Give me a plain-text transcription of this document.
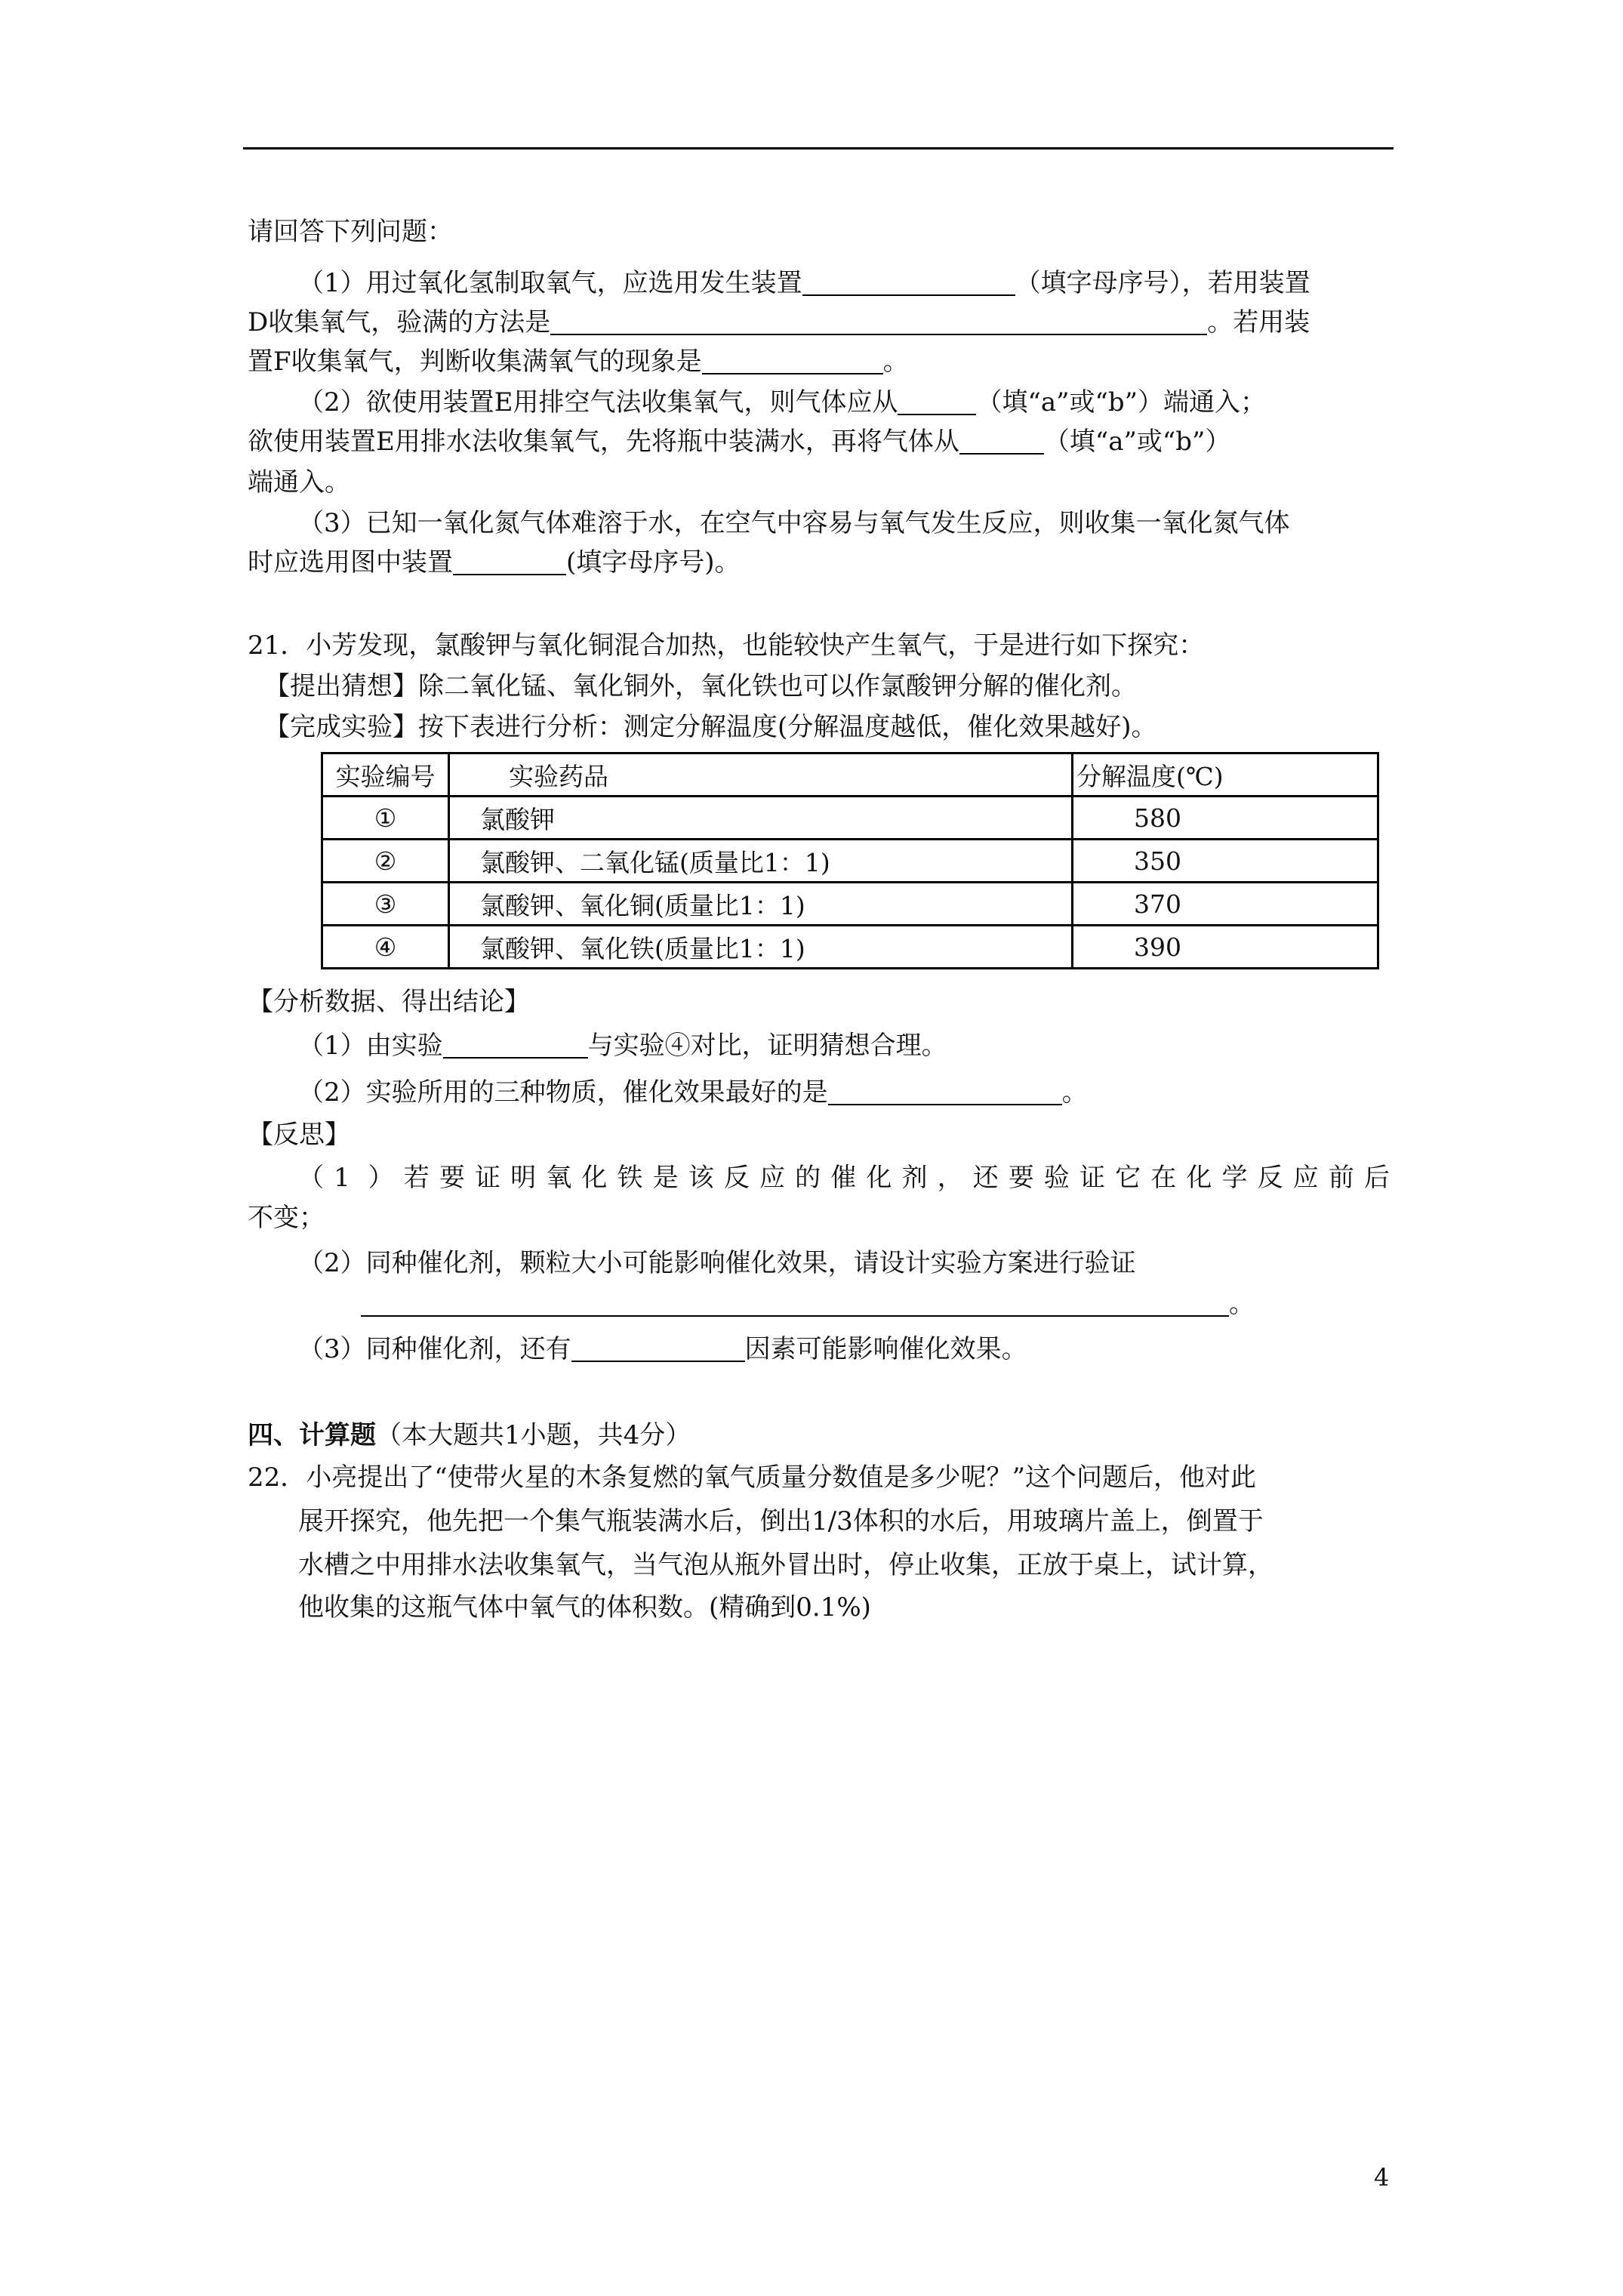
请回答下列问题：
（1）用过氧化氢制取氧气，应选用发生装置	（填字母序号），若用装置
D收集氧气，验满的方法是	。若用装
置F收集氧气，判断收集满氧气的现象是	。
（2）欲使用装置E用排空气法收集氧气，则气体应从	（填“a”或“b”）端通入；
欲使用装置E用排水法收集氧气，先将瓶中装满水，再将气体从	（填“a”或“b”）
端通入。
（3）已知一氧化氮气体难溶于水，在空气中容易与氧气发生反应，则收集一氧化氮气体
时应选用图中装置	(填字母序号)。
21．小芳发现，氯酸钾与氧化铜混合加热，也能较快产生氧气，于是进行如下探究：
【提出猜想】除二氧化锰、氧化铜外，氧化铁也可以作氯酸钾分解的催化剂。
【完成实验】按下表进行分析：测定分解温度(分解温度越低，催化效果越好)。
实验编号	实验药品	分解温度(℃)
①	氯酸钾	580
②	氯酸钾、二氧化锰(质量比1：1)	350
③	氯酸钾、氧化铜(质量比1：1)	370
④	氯酸钾、氧化铁(质量比1：1)	390
【分析数据、得出结论】
（1）由实验	与实验④对比，证明猜想合理。
（2）实验所用的三种物质，催化效果最好的是	。
【反思】
（1 ）若要证明氧化铁是该反应的催化剂，还要验证它在化学反应前后
不变；
（2）同种催化剂，颗粒大小可能影响催化效果，请设计实验方案进行验证
。
（3）同种催化剂，还有	因素可能影响催化效果。
四、计算题（本大题共1小题，共4分）
22．小亮提出了“使带火星的木条复燃的氧气质量分数值是多少呢？”这个问题后，他对此
展开探究，他先把一个集气瓶装满水后，倒出1/3体积的水后，用玻璃片盖上，倒置于
水槽之中用排水法收集氧气，当气泡从瓶外冒出时，停止收集，正放于桌上，试计算，
他收集的这瓶气体中氧气的体积数。(精确到0.1%)
4
